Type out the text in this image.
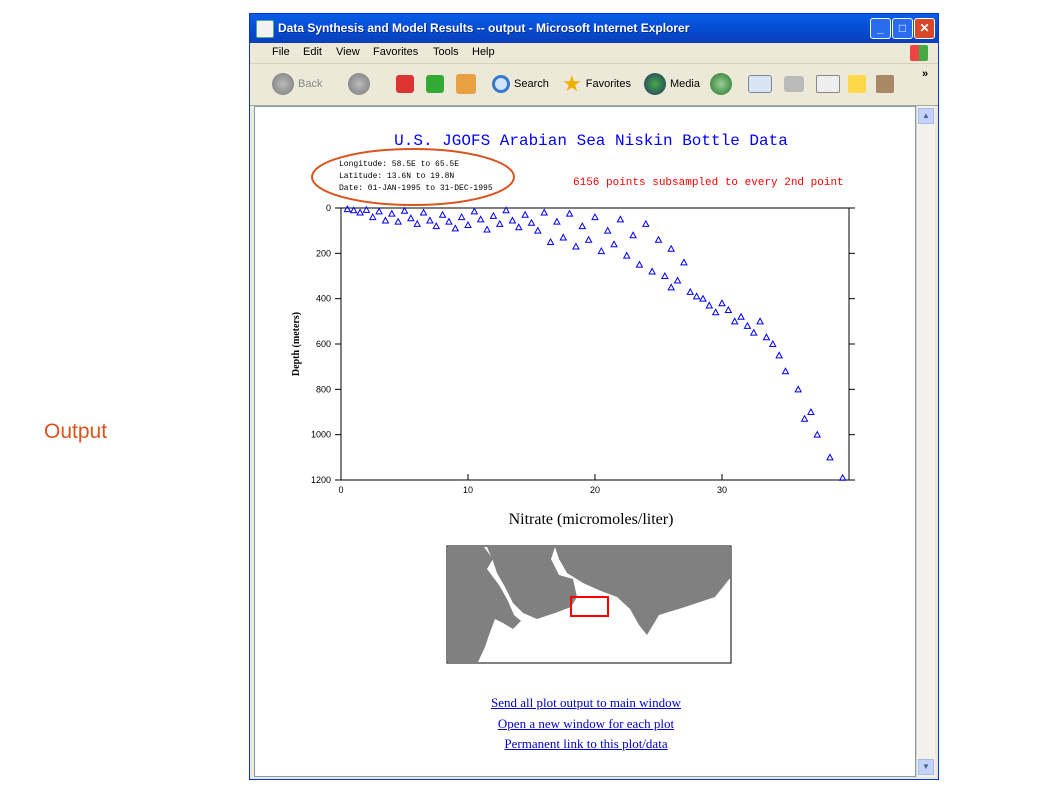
Output
Data Synthesis and Model Results -- output - Microsoft Internet Explorer	_	□	✕
File Edit View Favorites Tools Help
Back	Search ★ Favorites	Media
»
U.S. JGOFS Arabian Sea Niskin Bottle Data
Longitude: 58.5E to 65.5E
Latitude: 13.6N to 19.8N
Date: 01-JAN-1995 to 31-DEC-1995	6156 points subsampled to every 2nd point
0	10	20	30
0
200
400
600
800
1000
1200
Nitrate (micromoles/liter)
Depth (meters)
Send all plot output to main window
Open a new window for each plot
Permanent link to this plot/data
▲
▼
